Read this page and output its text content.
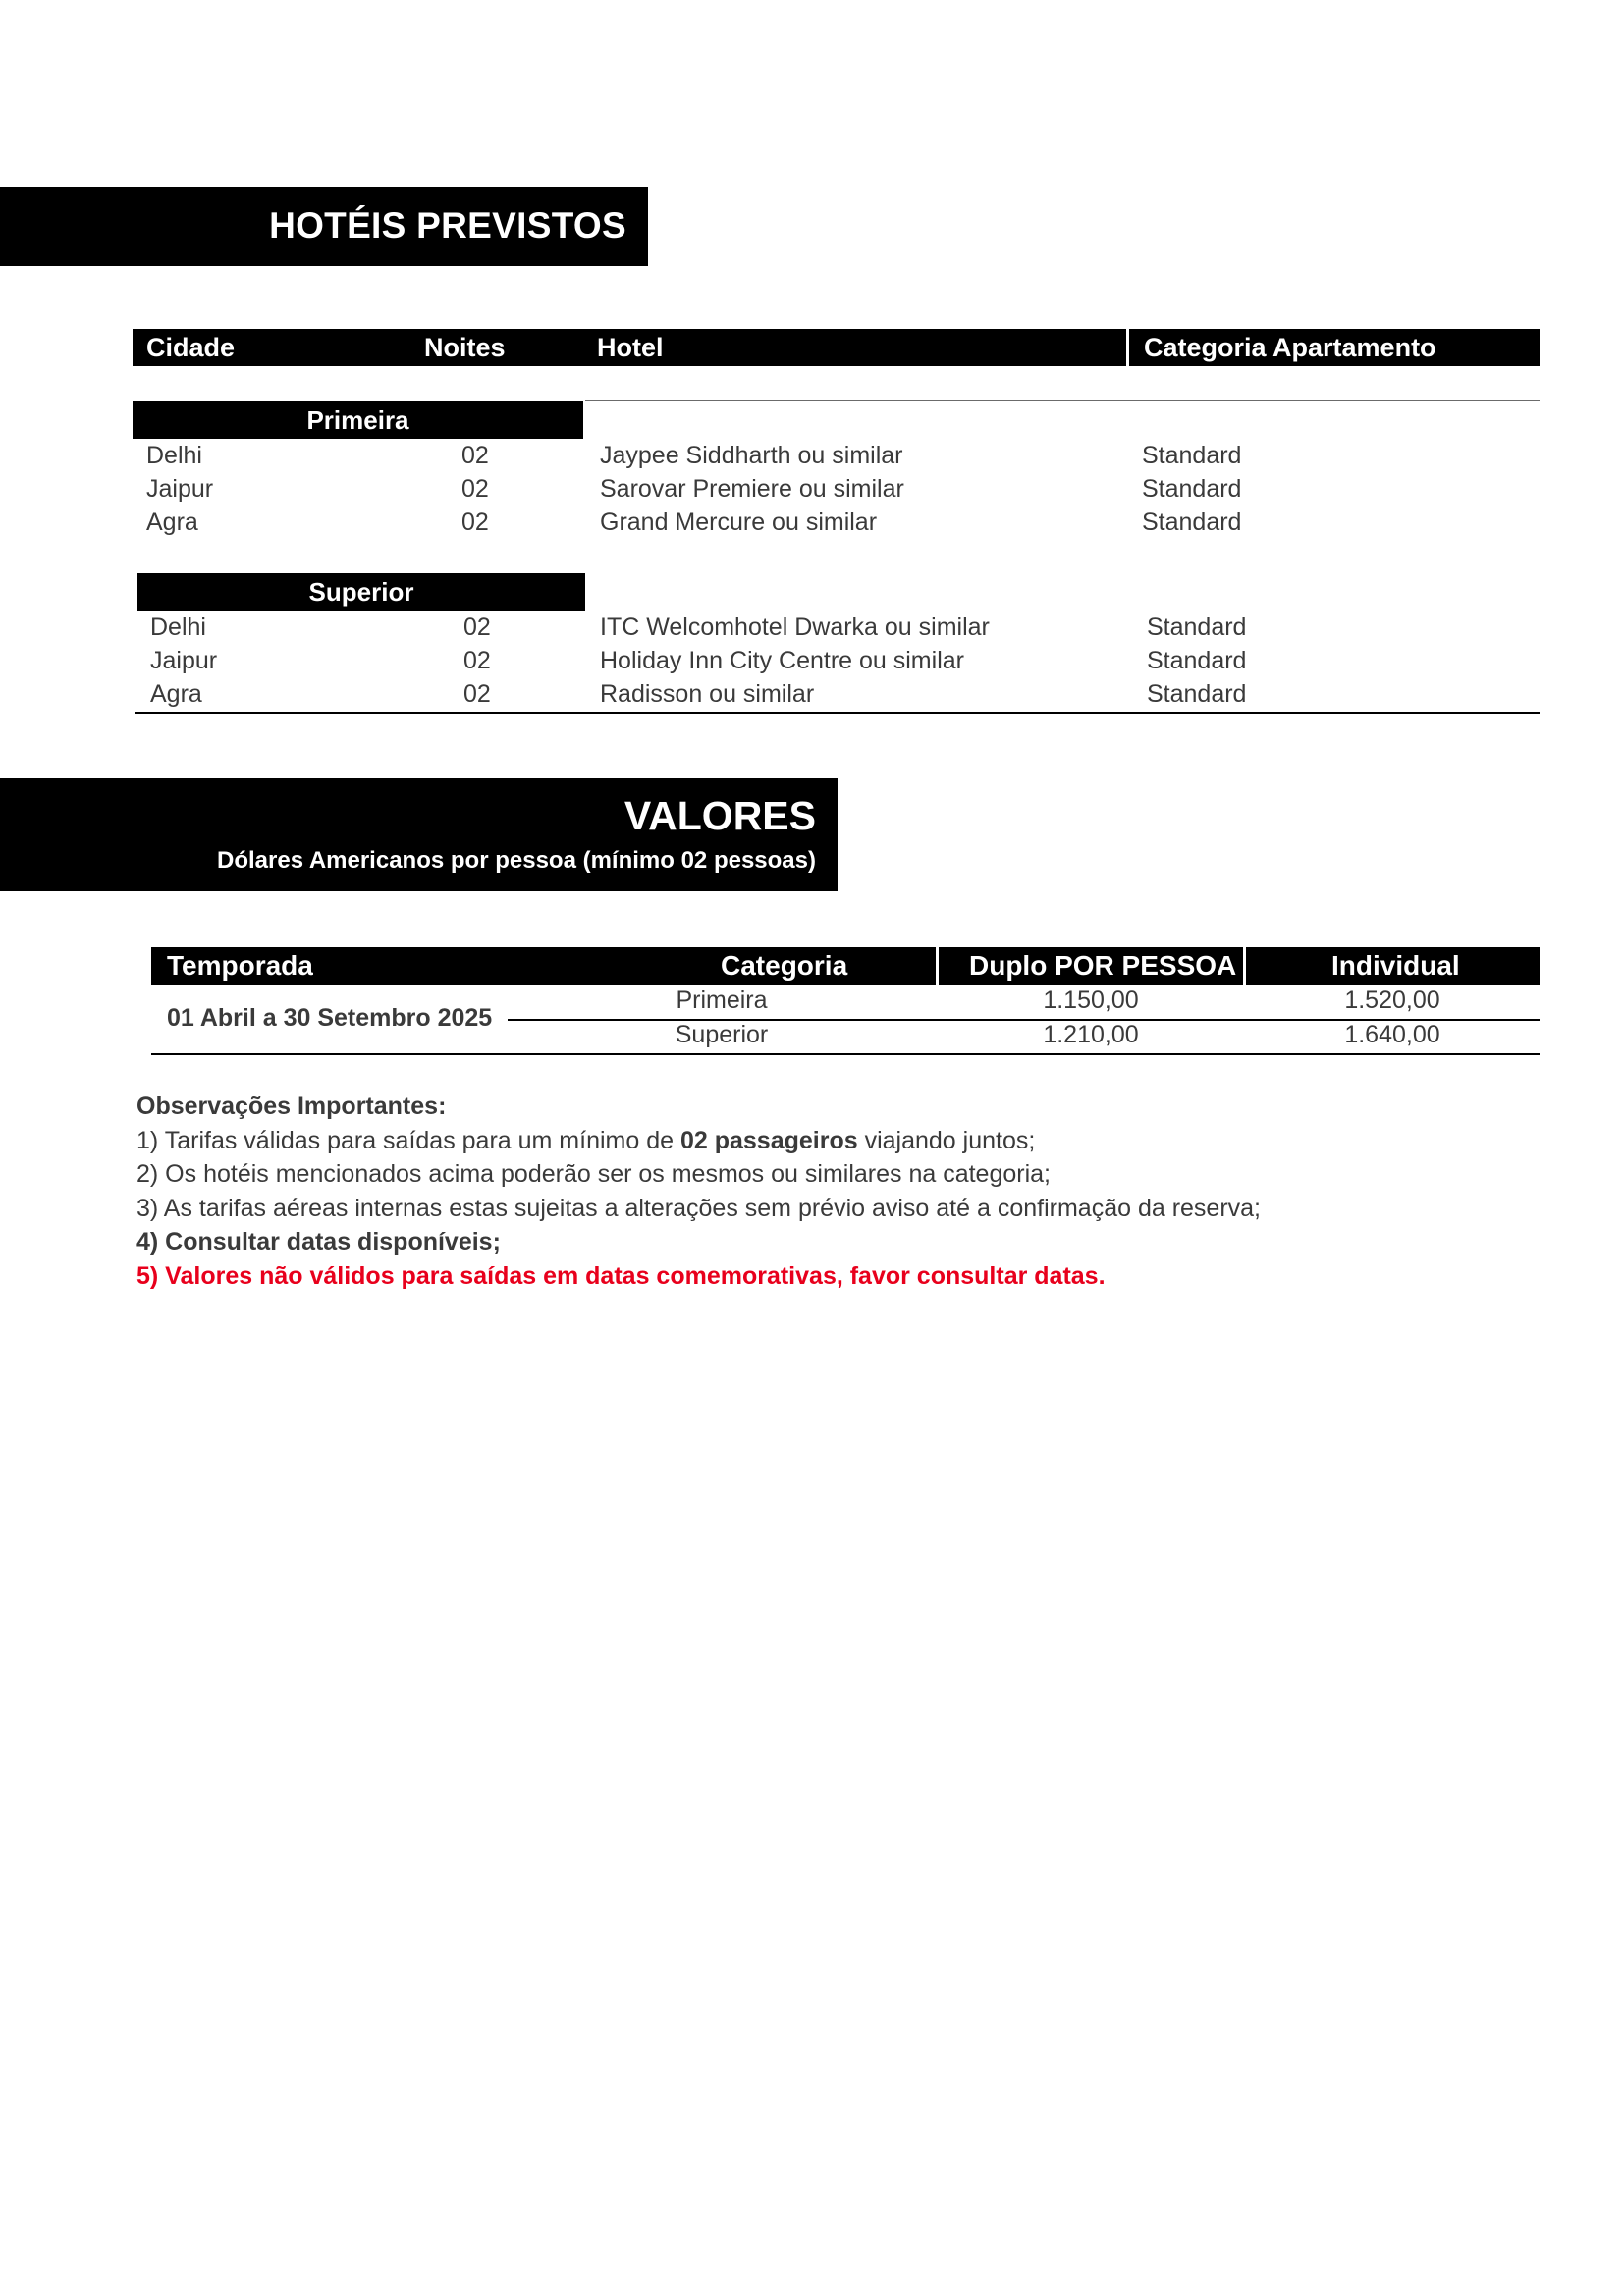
HOTÉIS PREVISTOS
Cidade	Noites	Hotel	Categoria Apartamento
Primeira
Delhi	02	Jaypee Siddharth ou similar	Standard
Jaipur	02	Sarovar Premiere ou similar	Standard
Agra	02	Grand Mercure ou similar	Standard
Superior
Delhi	02	ITC Welcomhotel Dwarka ou similar	Standard
Jaipur	02	Holiday Inn City Centre ou similar	Standard
Agra	02	Radisson ou similar	Standard
VALORES
Dólares Americanos por pessoa (mínimo 02 pessoas)
Temporada	Categoria	Duplo POR PESSOA	Individual
01 Abril a 30 Setembro 2025
Primeira	1.150,00	1.520,00
Superior	1.210,00	1.640,00
Observações Importantes:
1) Tarifas válidas para saídas para um mínimo de 02 passageiros viajando juntos;
2) Os hotéis mencionados acima poderão ser os mesmos ou similares na categoria;
3) As tarifas aéreas internas estas sujeitas a alterações sem prévio aviso até a confirmação da reserva;
4) Consultar datas disponíveis;
5) Valores não válidos para saídas em datas comemorativas, favor consultar datas.
